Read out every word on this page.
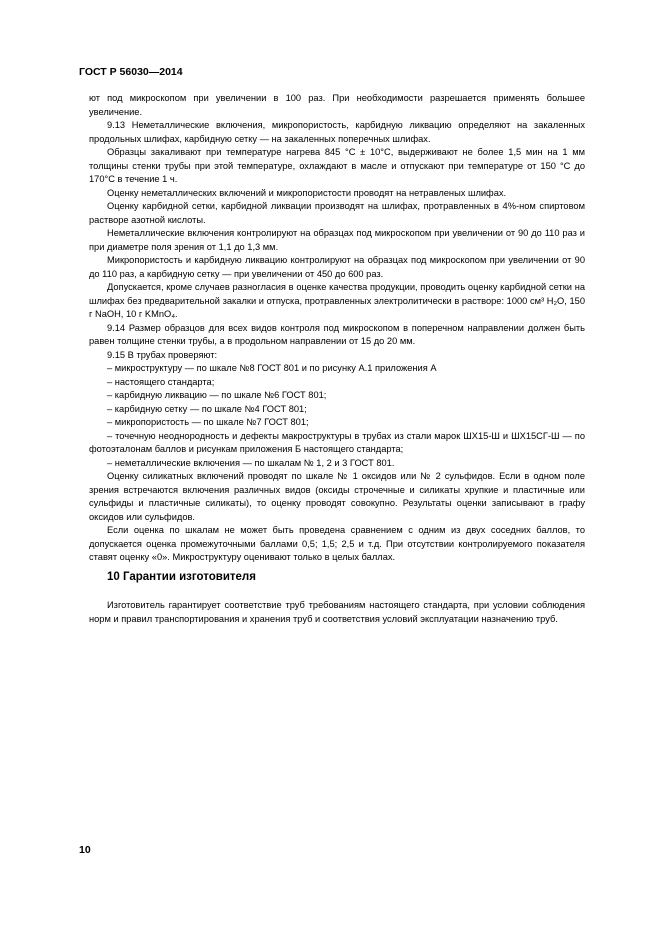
ГОСТ Р 56030—2014

ют под микроскопом при увеличении в 100 раз. При необходимости разрешается применять большее увеличение.

9.13 Неметаллические включения, микропористость, карбидную ликвацию определяют на закаленных продольных шлифах, карбидную сетку — на закаленных поперечных шлифах.

Образцы закаливают при температуре нагрева 845 °С ± 10°С, выдерживают не более 1,5 мин на 1 мм толщины стенки трубы при этой температуре, охлаждают в масле и отпускают при температуре от 150 °С до 170°С в течение 1 ч.

Оценку неметаллических включений и микропористости проводят на нетравленых шлифах.

Оценку карбидной сетки, карбидной ликвации производят на шлифах, протравленных в 4%-ном спиртовом растворе азотной кислоты.

Неметаллические включения контролируют на образцах под микроскопом при увеличении от 90 до 110 раз и при диаметре поля зрения от 1,1 до 1,3 мм.

Микропористость и карбидную ликвацию контролируют на образцах под микроскопом при увеличении от 90 до 110 раз, а карбидную сетку — при увеличении от 450 до 600 раз.

Допускается, кроме случаев разногласия в оценке качества продукции, проводить оценку карбидной сетки на шлифах без предварительной закалки и отпуска, протравленных электролитически в растворе: 1000 см³ Н₂О, 150 г NaOH, 10 г KMnO₄.

9.14 Размер образцов для всех видов контроля под микроскопом в поперечном направлении должен быть равен толщине стенки трубы, а в продольном направлении от 15 до 20 мм.

9.15 В трубах проверяют:

– микроструктуру — по шкале №8 ГОСТ 801 и по рисунку А.1 приложения А

– настоящего стандарта;

– карбидную ликвацию — по шкале №6 ГОСТ 801;

– карбидную сетку — по шкале №4 ГОСТ 801;

– микропористость — по шкале №7 ГОСТ 801;

– точечную неоднородность и дефекты макроструктуры в трубах из стали марок ШХ15-Ш и ШХ15СГ-Ш — по фотоэталонам баллов и рисункам приложения Б настоящего стандарта;

– неметаллические включения — по шкалам № 1, 2 и 3 ГОСТ 801.

Оценку силикатных включений проводят по шкале № 1 оксидов или № 2 сульфидов. Если в одном поле зрения встречаются включения различных видов (оксиды строчечные и силикаты хрупкие и пластичные или сульфиды и пластичные силикаты), то оценку проводят совокупно. Результаты оценки записывают в графу оксидов или сульфидов.

Если оценка по шкалам не может быть проведена сравнением с одним из двух соседних баллов, то допускается оценка промежуточными баллами 0,5; 1,5; 2,5 и т.д. При отсутствии контролируемого показателя ставят оценку «0». Микроструктуру оценивают только в целых баллах.

10 Гарантии изготовителя

Изготовитель гарантирует соответствие труб требованиям настоящего стандарта, при условии соблюдения норм и правил транспортирования и хранения труб и соответствия условий эксплуатации назначению труб.

10
